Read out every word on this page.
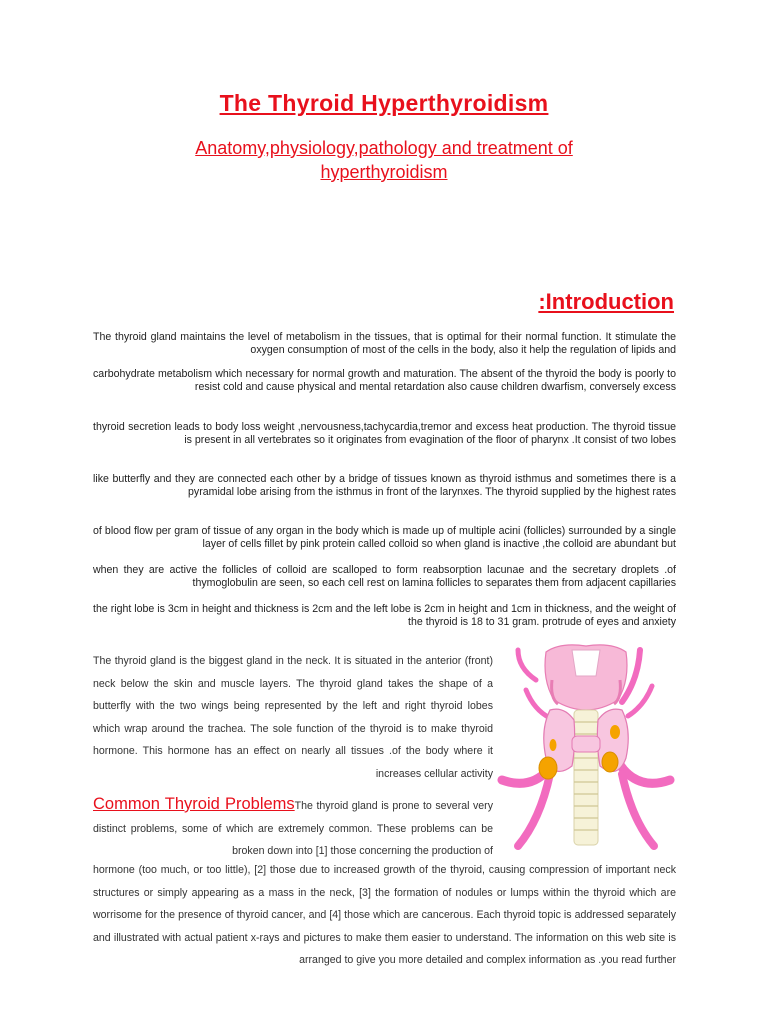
The Thyroid Hyperthyroidism
Anatomy,physiology,pathology and treatment of hyperthyroidism
:Introduction
The thyroid gland maintains the level of metabolism in the tissues, that is optimal for their normal function. It stimulate the oxygen consumption of most of the cells in the body, also it help the regulation of lipids and
carbohydrate metabolism which necessary for normal growth and maturation. The absent of the thyroid the body is poorly to resist cold and cause physical and mental retardation also cause children dwarfism, conversely excess
thyroid secretion leads to body loss weight ,nervousness,tachycardia,tremor and excess heat production. The thyroid tissue is present in all vertebrates so it originates from evagination of the floor of pharynx .It consist of two lobes
like butterfly and they are connected each other by a bridge of tissues known as thyroid isthmus and sometimes there is a pyramidal lobe arising from the isthmus in front of the larynxes. The thyroid supplied by the highest rates
of blood flow per gram of tissue of any organ in the body which is made up of multiple acini (follicles) surrounded by a single layer of cells fillet by pink protein called colloid so when gland is inactive ,the colloid are abundant but
when they are active the follicles of colloid are scalloped to form reabsorption lacunae and the secretary droplets .of thymoglobulin are seen, so each cell rest on lamina follicles to separates them from adjacent capillaries
the right lobe is 3cm in height and thickness is 2cm and the left lobe is 2cm in height and 1cm in thickness, and the weight of the thyroid is 18 to 31 gram. protrude of eyes and anxiety
The thyroid gland is the biggest gland in the neck. It is situated in the anterior (front) neck below the skin and muscle layers. The thyroid gland takes the shape of a butterfly with the two wings being represented by the left and right thyroid lobes which wrap around the trachea. The sole function of the thyroid is to make thyroid hormone. This hormone has an effect on nearly all tissues .of the body where it increases cellular activity
Common Thyroid ProblemsThe thyroid gland is prone to several very distinct problems, some of which are extremely common. These problems can be broken down into [1] those concerning the production of
hormone (too much, or too little), [2] those due to increased growth of the thyroid, causing compression of important neck structures or simply appearing as a mass in the neck, [3] the formation of nodules or lumps within the thyroid which are worrisome for the presence of thyroid cancer, and [4] those which are cancerous. Each thyroid topic is addressed separately and illustrated with actual patient x-rays and pictures to make them easier to understand. The information on this web site is arranged to give you more detailed and complex information as .you read further
